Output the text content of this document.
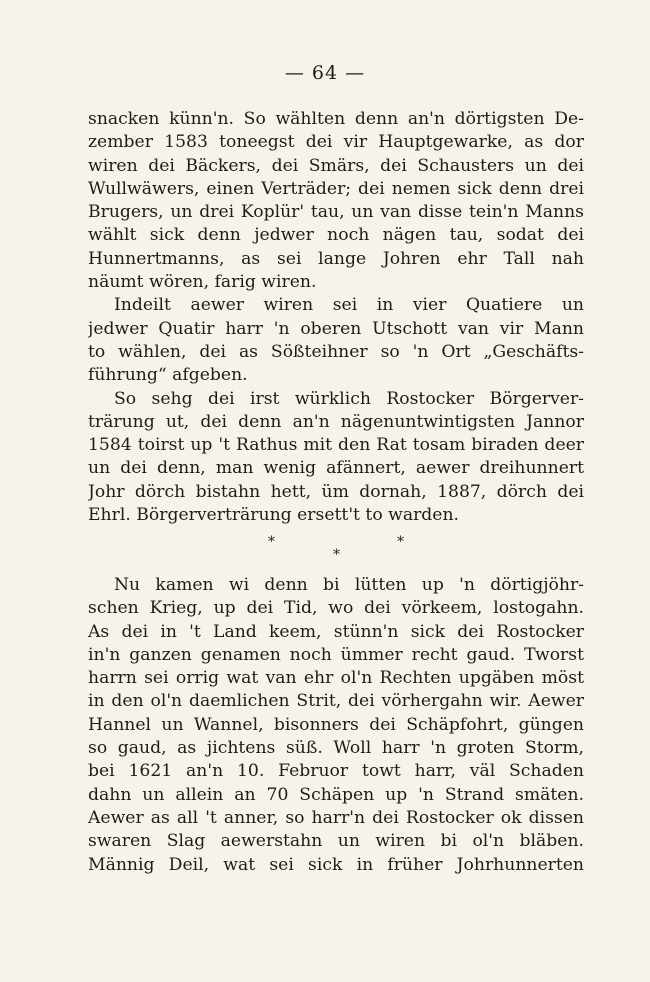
— 64 —
snacken künn'n. So wählten denn an'n dörtigsten De-
zember 1583 toneegst dei vir Hauptgewarke, as dor
wiren dei Bäckers, dei Smärs, dei Schausters un dei
Wullwäwers, einen Verträder; dei nemen sick denn drei
Brugers, un drei Koplür' tau, un van disse tein'n Manns
wählt sick denn jedwer noch nägen tau, sodat dei
Hunnertmanns, as sei lange Johren ehr Tall nah
näumt wören, farig wiren.
Indeilt aewer wiren sei in vier Quatiere un
jedwer Quatir harr 'n oberen Utschott van vir Mann
to wählen, dei as Sößteihner so 'n Ort „Geschäfts-
führung“ afgeben.
So sehg dei irst würklich Rostocker Börgerver-
trärung ut, dei denn an'n nägenuntwintigsten Jannor
1584 toirst up 't Rathus mit den Rat tosam biraden deer
un dei denn, man wenig afännert, aewer dreihunnert
Johr dörch bistahn hett, üm dornah, 1887, dörch dei
Ehrl. Börgerverträrung ersett't to warden.
*
*
*
Nu kamen wi denn bi lütten up 'n dörtigjöhr-
schen Krieg, up dei Tid, wo dei vörkeem, lostogahn.
As dei in 't Land keem, stünn'n sick dei Rostocker
in'n ganzen genamen noch ümmer recht gaud. Tworst
harrn sei orrig wat van ehr ol'n Rechten upgäben möst
in den ol'n daemlichen Strit, dei vörhergahn wir. Aewer
Hannel un Wannel, bisonners dei Schäpfohrt, güngen
so gaud, as jichtens süß. Woll harr 'n groten Storm,
bei 1621 an'n 10. Februor towt harr, väl Schaden
dahn un allein an 70 Schäpen up 'n Strand smäten.
Aewer as all 't anner, so harr'n dei Rostocker ok dissen
swaren Slag aewerstahn un wiren bi ol'n bläben.
Männig Deil, wat sei sick in früher Johrhunnerten
